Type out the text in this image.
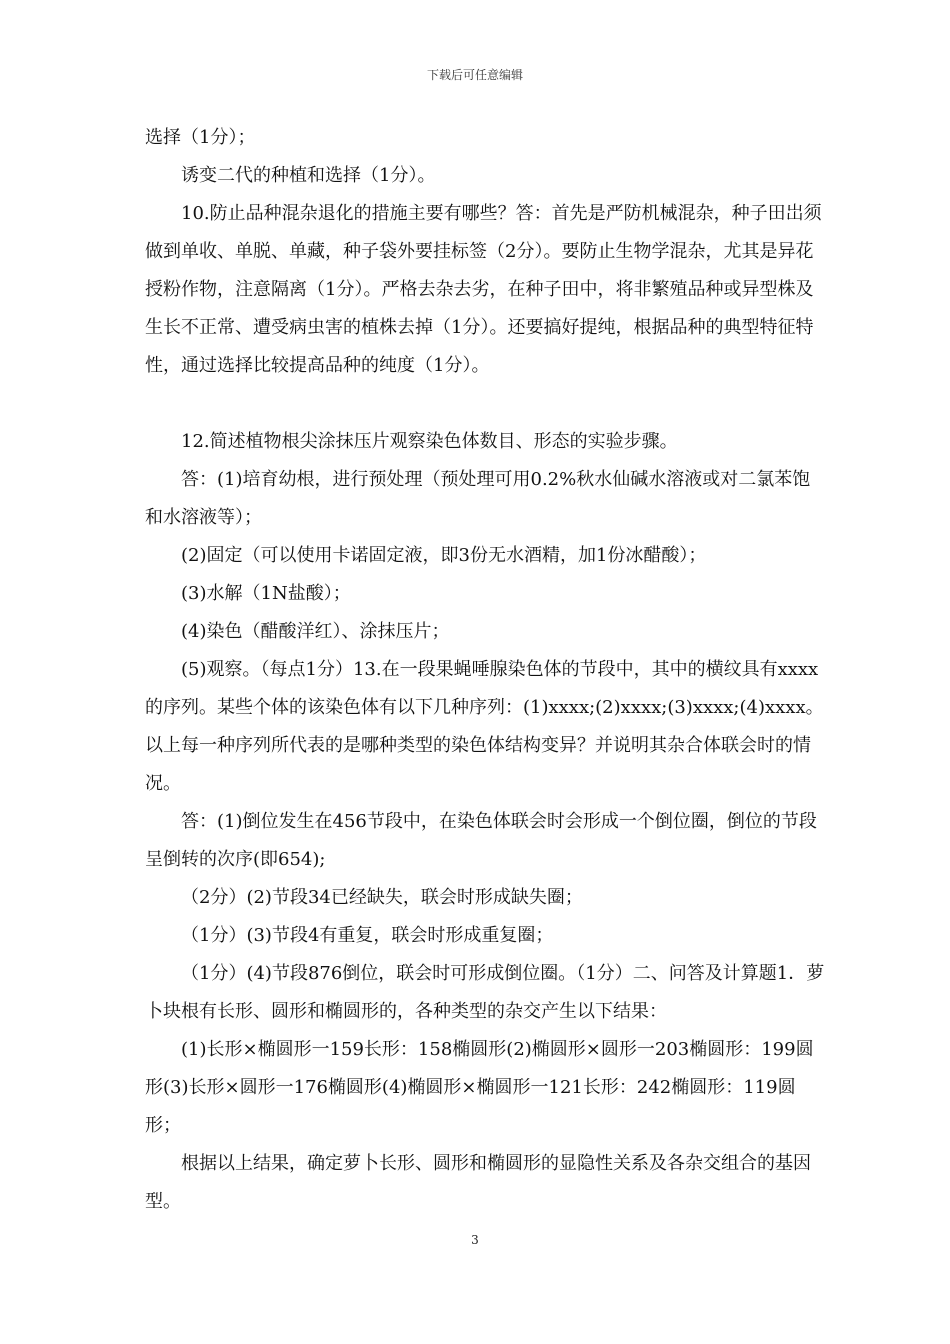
下载后可任意编辑

选择（1分）；

诱变二代的种植和选择（1分）。

10.防止品种混杂退化的措施主要有哪些？答：首先是严防机械混杂，种子田岀须做到单收、单脱、单藏，种子袋外要挂标签（2分）。要防止生物学混杂，尤其是异花授粉作物，注意隔离（1分）。严格去杂去劣，在种子田中，将非繁殖品种或异型株及生长不正常、遭受病虫害的植株去掉（1分）。还要搞好提纯，根据品种的典型特征特性，通过选择比较提高品种的纯度（1分）。

12.简述植物根尖涂抹压片观察染色体数目、形态的实验步骤。

答：(1)培育幼根，进行预处理（预处理可用0.2%秋水仙碱水溶液或对二氯苯饱和水溶液等）；

(2)固定（可以使用卡诺固定液，即3份无水酒精，加1份冰醋酸）；

(3)水解（1N盐酸）；

(4)染色（醋酸洋红）、涂抹压片；

(5)观察。（每点1分）13.在一段果蝇唾腺染色体的节段中，其中的横纹具有xxxx的序列。某些个体的该染色体有以下几种序列：(1)xxxx;(2)xxxx;(3)xxxx;(4)xxxx。以上每一种序列所代表的是哪种类型的染色体结构变异？并说明其杂合体联会时的情况。

答：(1)倒位发生在456节段中，在染色体联会时会形成一个倒位圈，倒位的节段呈倒转的次序(即654);

（2分）(2)节段34已经缺失，联会时形成缺失圈；

（1分）(3)节段4有重复，联会时形成重复圈；

（1分）(4)节段876倒位，联会时可形成倒位圈。（1分）二、问答及计算题1．萝卜块根有长形、圆形和椭圆形的，各种类型的杂交产生以下结果：

(1)长形×椭圆形一159长形：158椭圆形(2)椭圆形×圆形一203椭圆形：199圆形(3)长形×圆形一176椭圆形(4)椭圆形×椭圆形一121长形：242椭圆形：119圆形；

根据以上结果，确定萝卜长形、圆形和椭圆形的显隐性关系及各杂交组合的基因型。

3
